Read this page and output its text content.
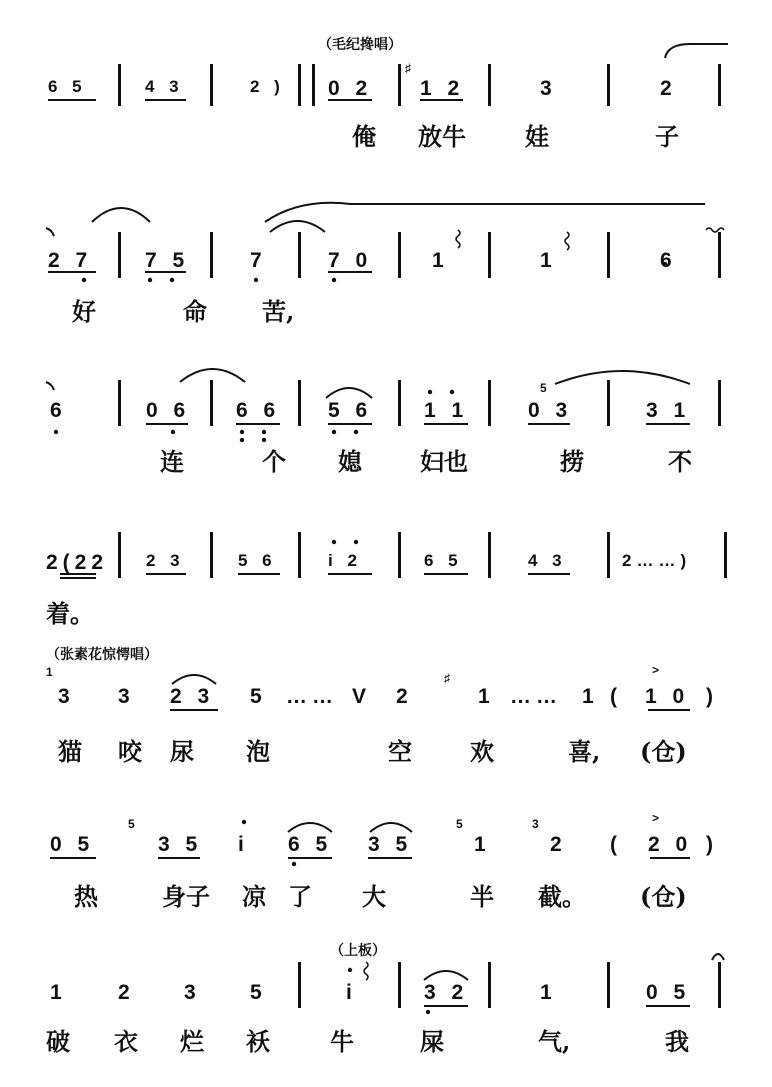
（毛纪搀唱）
6 5	4 3	2 ) 0 2 1 2	3	2
♯
俺 放牛 娃	子
2 7	7 5	7	7 0	1	1	6
好	命 苦,
6	0 6 6 6 5 6 1 1	0 3	3 1
5
连	个 媳 妇也	捞	不
2(22 2 3	5 6	i 2	6 5	4 3	2……)
着。
（张素花惊愕唱）
3 3 2 3 5 …… V 2	1 …… 1 ( 1 0 )
1	♯
>
猫 咬 尿 泡	空 欢	喜, (仓)
0 5	3 5 i 6 5 3 5	1	2 ( 2 0 )
5	5	3	>
热	身子 凉 了 大	半 截。 (仓)
（上板）
1 2 3 5	i	3 2	1	0 5
破 衣 烂 袄	牛	屎	气,	我
